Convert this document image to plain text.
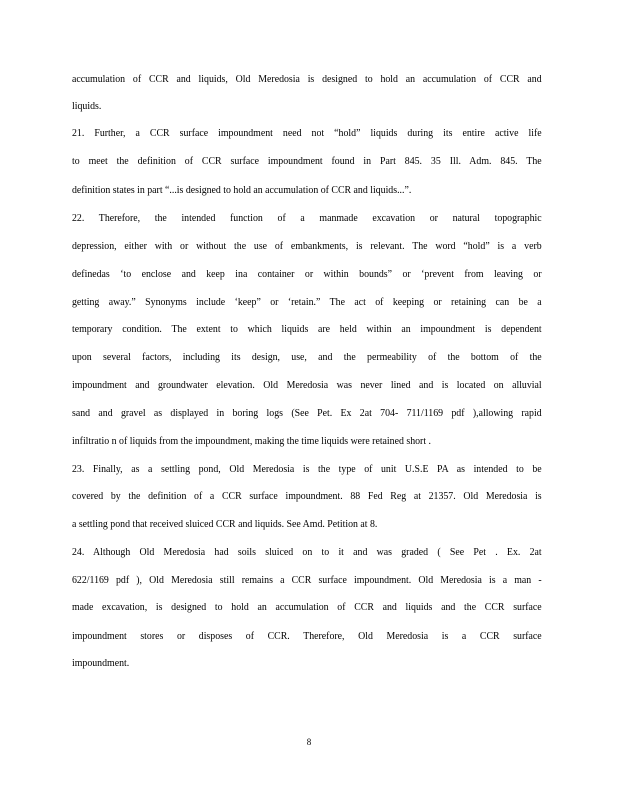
accumulation of CCR and liquids, Old Meredosia is designed to hold an accumulation of CCR and
liquids.
21. Further, a CCR surface impoundment need not “hold” liquids during its entire active life
to meet the definition of CCR surface impoundment found in Part 845. 35 Ill. Adm. 845. The
definition states in part “...is designed to hold an accumulation of CCR and liquids...”.
22. Therefore, the intended function of a manmade excavation or natural topographic
depression, either with or without the use of embankments, is relevant. The word “hold” is a verb
definedas ‘to enclose and keep ina container or within bounds” or ‘prevent from leaving or
getting away.” Synonyms include ‘keep” or ‘retain.” The act of keeping or retaining can be a
temporary condition. The extent to which liquids are held within an impoundment is dependent
upon several factors, including its design, use, and the permeability of the bottom of the
impoundment and groundwater elevation. Old Meredosia was never lined and is located on alluvial
sand and gravel as displayed in boring logs (See Pet. Ex 2at 704- 711/1169 pdf ),allowing rapid
infiltratio n of liquids from the impoundment, making the time liquids were retained short .
23. Finally, as a settling pond, Old Meredosia is the type of unit U.S.E PA as intended to be
covered by the definition of a CCR surface impoundment. 88 Fed Reg at 21357. Old Meredosia is
a settling pond that received sluiced CCR and liquids. See Amd. Petition at 8.
24. Although Old Meredosia had soils sluiced on to it and was graded ( See Pet . Ex. 2at
622/1169 pdf ), Old Meredosia still remains a CCR surface impoundment. Old Meredosia is a man -
made excavation, is designed to hold an accumulation of CCR and liquids and the CCR surface
impoundment stores or disposes of CCR. Therefore, Old Meredosia is a CCR surface
impoundment.
8
